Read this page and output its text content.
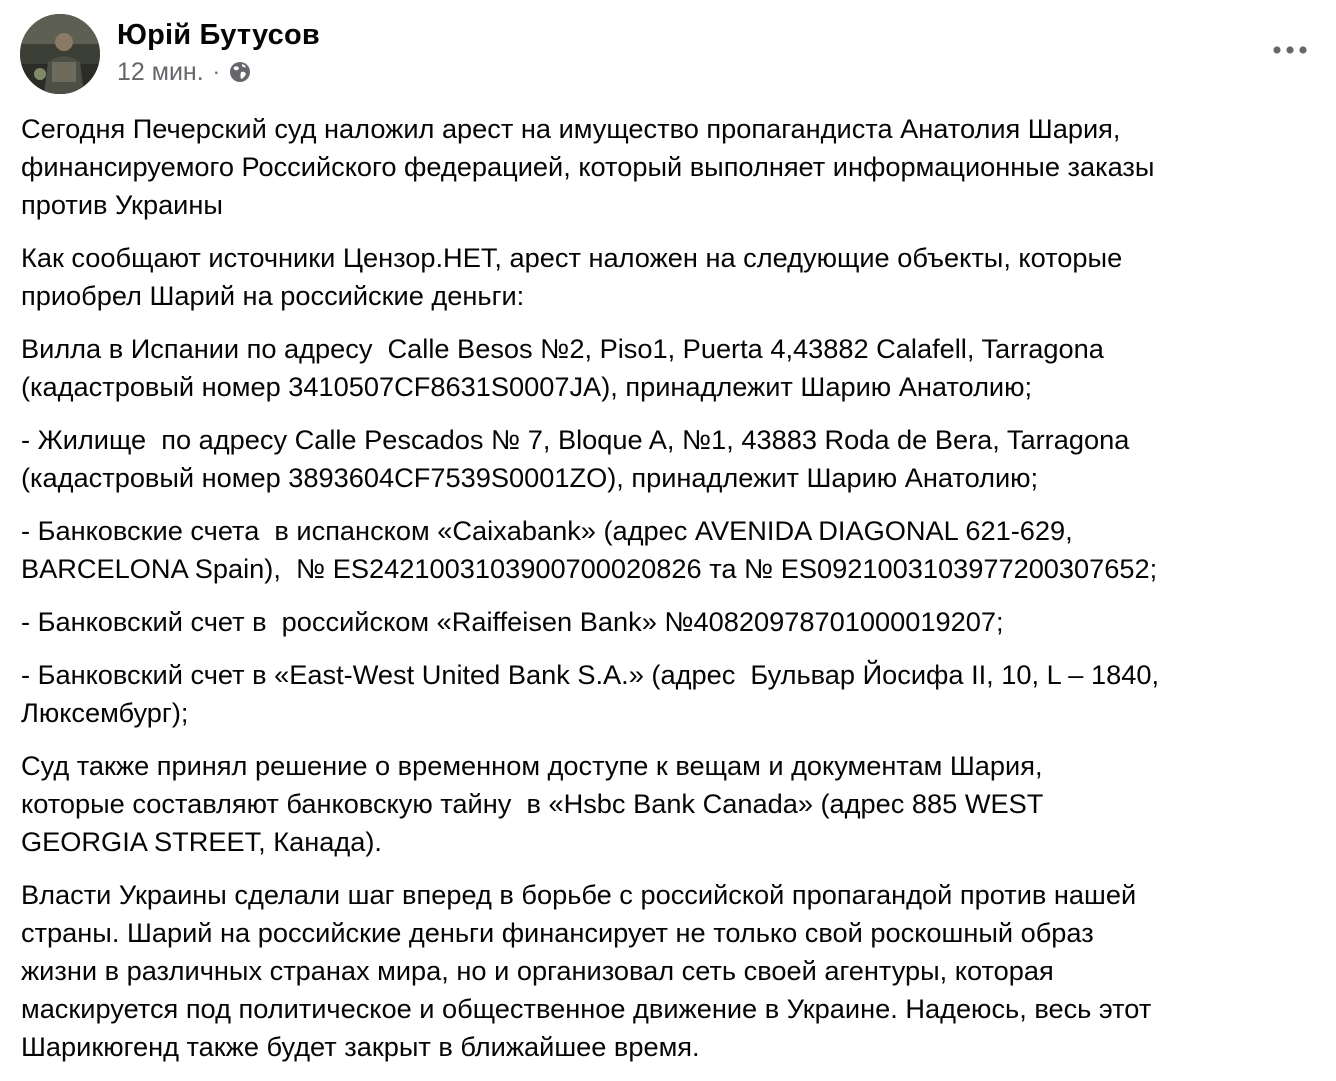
Юрій Бутусов
12 мин. ·

Сегодня Печерский суд наложил арест на имущество пропагандиста Анатолия Шария,
финансируемого Российского федерацией, который выполняет информационные заказы
против Украины

Как сообщают источники Цензор.НЕТ, арест наложен на следующие объекты, которые
приобрел Шарий на российские деньги:

Вилла в Испании по адресу  Calle Besos №2, Piso1, Puerta 4,43882 Calafell, Tarragona
(кадастровый номер 3410507CF8631S0007JA), принадлежит Шарию Анатолию;

- Жилище  по адресу Calle Pescados № 7, Bloque A, №1, 43883 Roda de Bera, Tarragona
(кадастровый номер 3893604CF7539S0001ZO), принадлежит Шарию Анатолию;

- Банковские счета  в испанском «Caixabank» (адрес AVENIDA DIAGONAL 621-629,
BARCELONA Spain),  № ES2421003103900700020826 та № ES0921003103977200307652;

- Банковский счет в  российском «Raiffeisen Bank» №40820978701000019207;

- Банковский счет в «East-West United Bank S.A.» (адрес  Бульвар Йосифа II, 10, L – 1840,
Люксембург);

Суд также принял решение о временном доступе к вещам и документам Шария,
которые составляют банковскую тайну  в «Hsbc Bank Canada» (адрес 885 WEST
GEORGIA STREET, Канада).

Власти Украины сделали шаг вперед в борьбе с российской пропагандой против нашей
страны. Шарий на российские деньги финансирует не только свой роскошный образ
жизни в различных странах мира, но и организовал сеть своей агентуры, которая
маскируется под политическое и общественное движение в Украине. Надеюсь, весь этот
Шарикюгенд также будет закрыт в ближайшее время.
